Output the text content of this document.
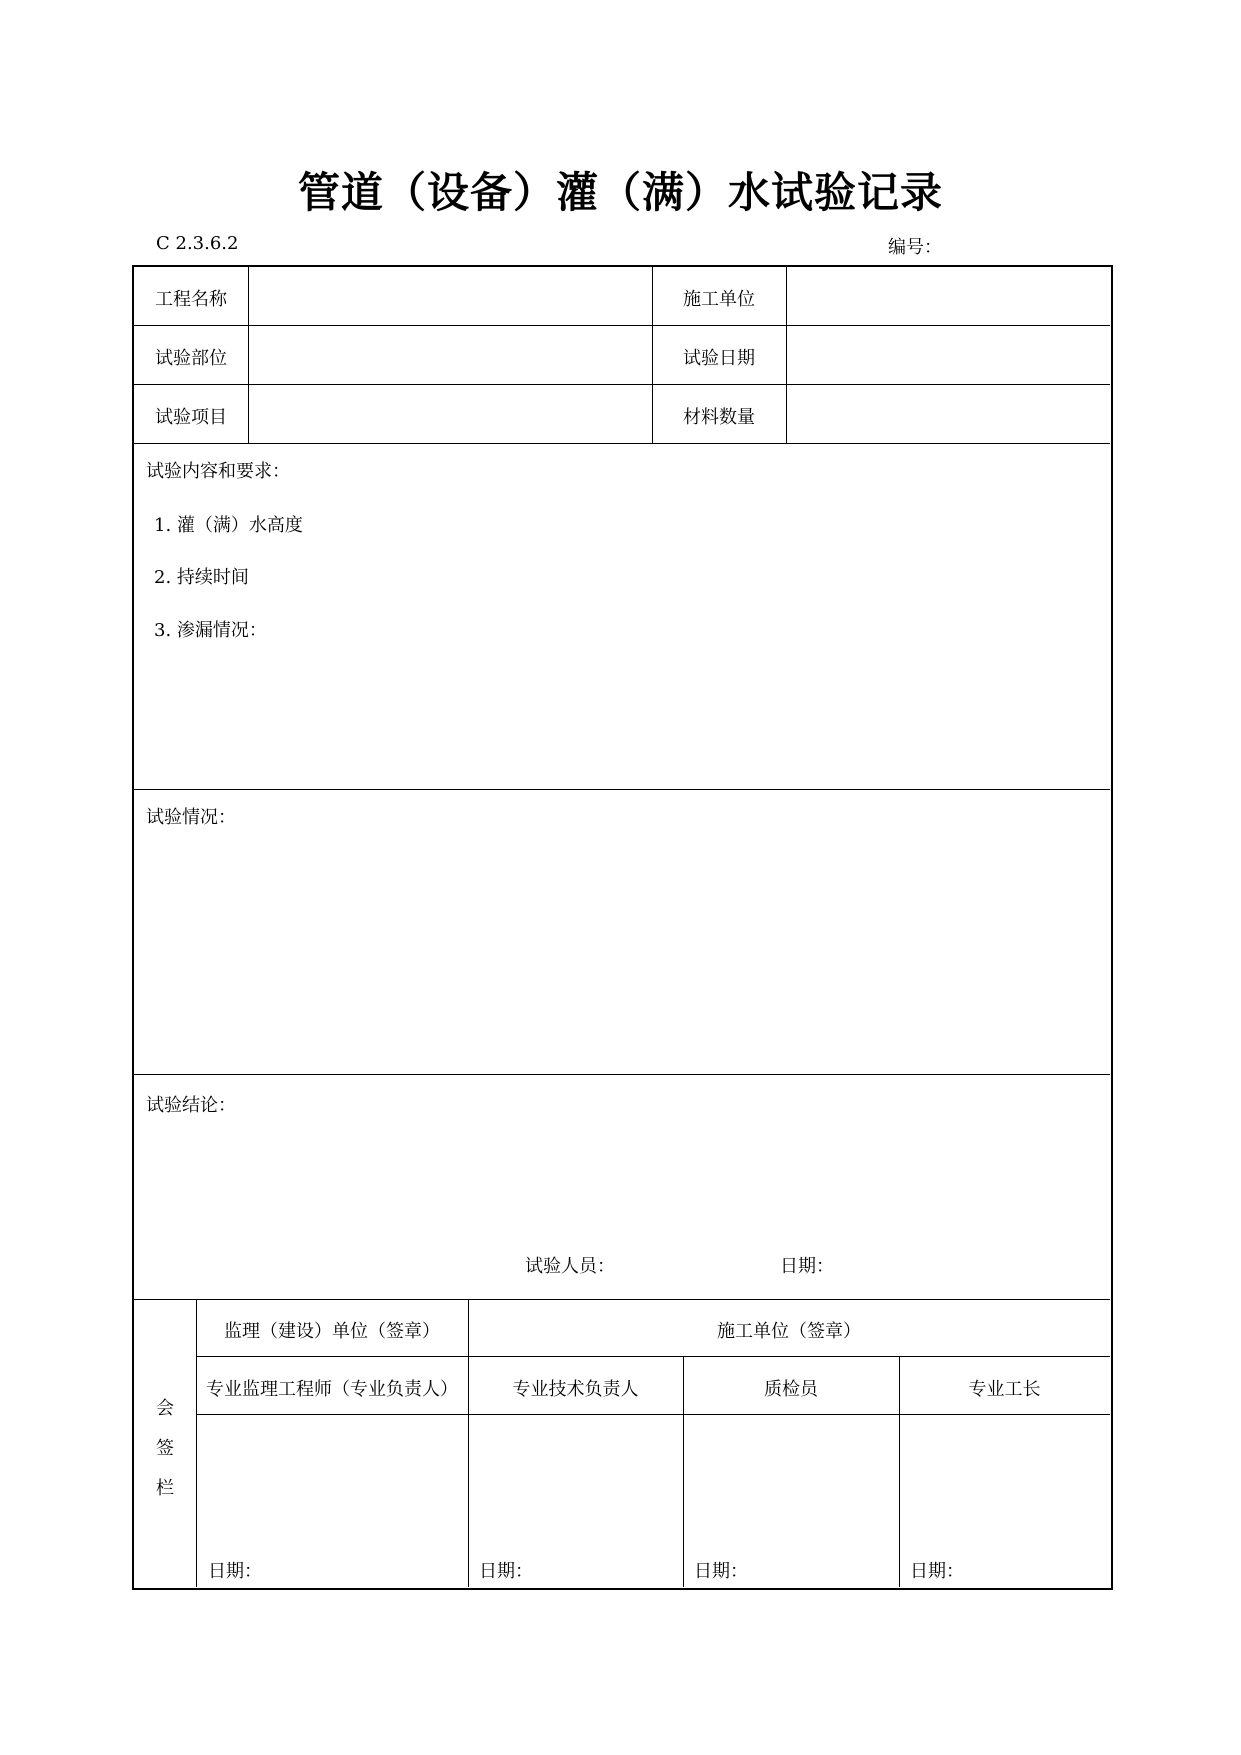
管道（设备）灌（满）水试验记录
C 2.3.6.2	编号：
工程名称	施工单位
试验部位	试验日期
试验项目	材料数量
试验内容和要求：
1. 灌（满）水高度
2. 持续时间
3. 渗漏情况：
试验情况：
试验结论：
试验人员：	日期：
会
签
栏
监理（建设）单位（签章）	施工单位（签章）
专业监理工程师（专业负责人）	专业技术负责人	质检员	专业工长
日期：	日期：	日期：	日期：
